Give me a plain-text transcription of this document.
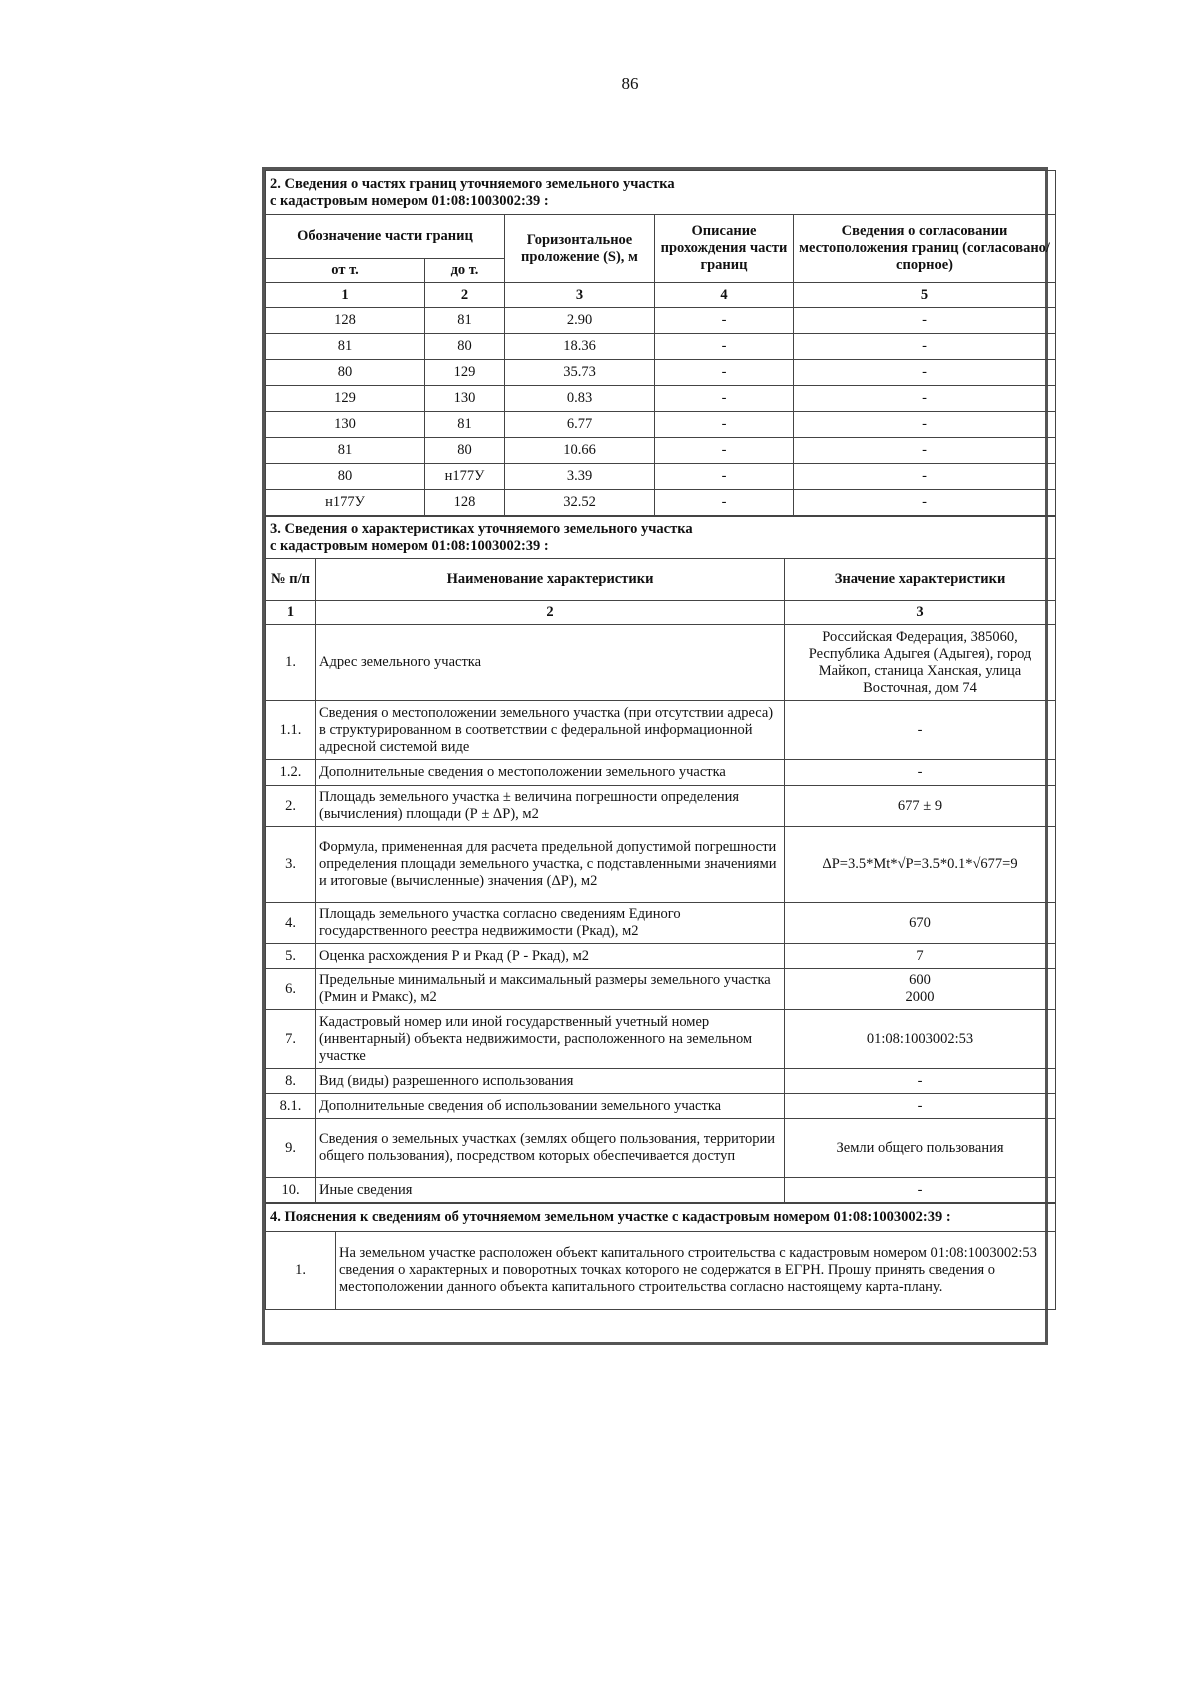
86
2. Сведения о частях границ уточняемого земельного участка
с кадастровым номером 01:08:1003002:39 :				
Обозначение части границ		Горизонтальное проложение (S), м	Описание прохождения части границ	Сведения о согласовании местоположения границ (согласовано/спорное)
от т.	до т.			
1	2	3	4	5
128	81	2.90	-	-
81	80	18.36	-	-
80	129	35.73	-	-
129	130	0.83	-	-
130	81	6.77	-	-
81	80	10.66	-	-
80	н177У	3.39	-	-
н177У	128	32.52	-	-
3. Сведения о характеристиках уточняемого земельного участка
с кадастровым номером 01:08:1003002:39 :		
№ п/п	Наименование характеристики	Значение характеристики
1	2	3
1.	Адрес земельного участка	Российская Федерация, 385060, Республика Адыгея (Адыгея), город Майкоп, станица Ханская, улица Восточная, дом 74
1.1.	Сведения о местоположении земельного участка (при отсутствии адреса) в структурированном в соответствии с федеральной информационной адресной системой виде	-
1.2.	Дополнительные сведения о местоположении земельного участка	-
2.	Площадь земельного участка ± величина погрешности определения (вычисления) площади (Р ± ΔР), м2	677 ± 9
3.	Формула, примененная для расчета предельной допустимой погрешности определения площади земельного участка, с подставленными значениями и итоговые (вычисленные) значения (ΔР), м2	ΔР=3.5*Mt*√P=3.5*0.1*√677=9
4.	Площадь земельного участка согласно сведениям Единого государственного реестра недвижимости (Ркад), м2	670
5.	Оценка расхождения Р и Ркад (Р - Ркад), м2	7
6.	Предельные минимальный и максимальный размеры земельного участка (Рмин и Рмакс), м2	600
2000
7.	Кадастровый номер или иной государственный учетный номер (инвентарный) объекта недвижимости, расположенного на земельном участке	01:08:1003002:53
8.	Вид (виды) разрешенного использования	-
8.1.	Дополнительные сведения об использовании земельного участка	-
9.	Сведения о земельных участках (землях общего пользования, территории общего пользования), посредством которых обеспечивается доступ	Земли общего пользования
10.	Иные сведения	-
4. Пояснения к сведениям об уточняемом земельном участке с кадастровым номером 01:08:1003002:39 :
1.	На земельном участке расположен объект капитального строительства с кадастровым номером 01:08:1003002:53 сведения о характерных и поворотных точках которого не содержатся в ЕГРН. Прошу принять сведения о местоположении данного объекта капитального строительства согласно настоящему карта-плану.
